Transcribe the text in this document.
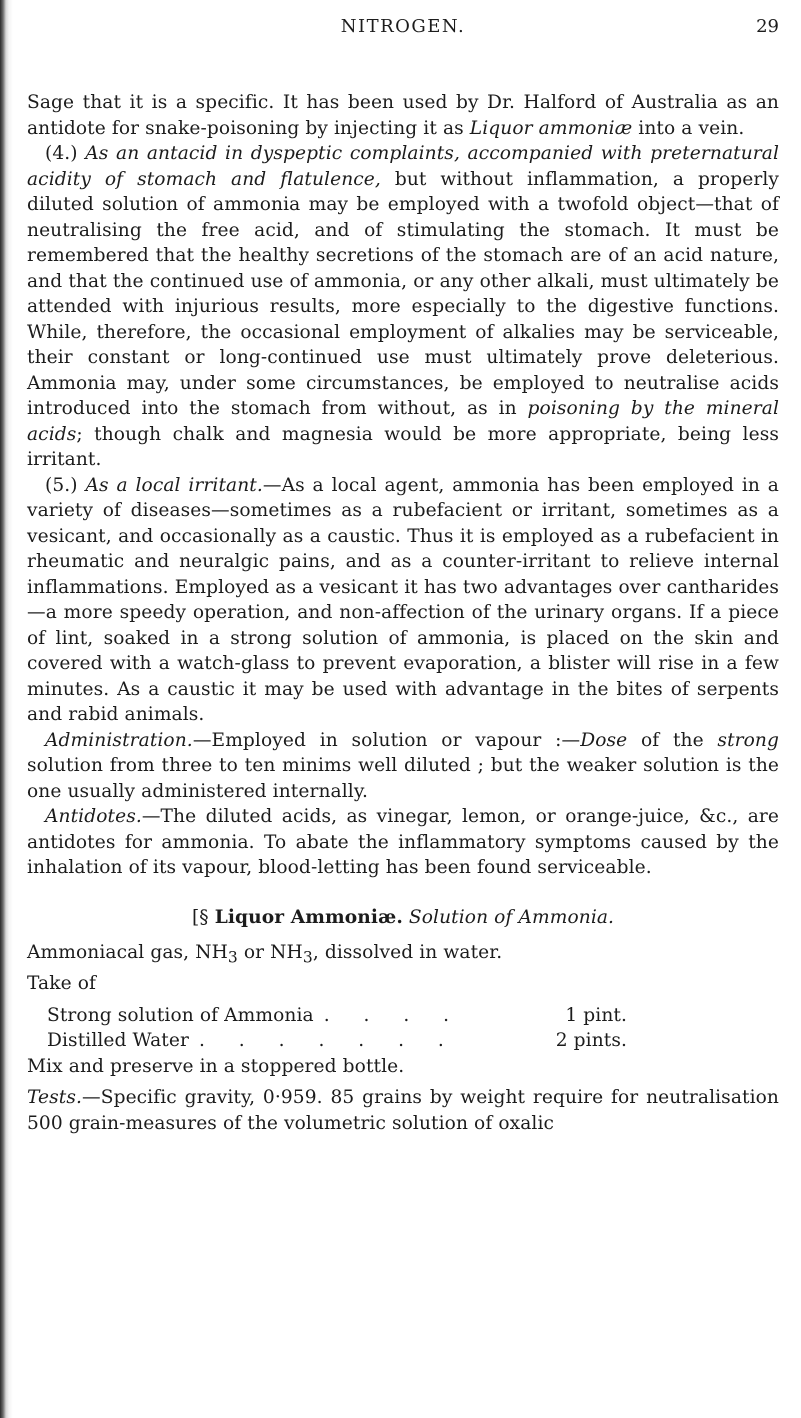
NITROGEN.	29

Sage that it is a specific. It has been used by Dr. Halford of Australia as an antidote for snake-poisoning by injecting it as Liquor ammoniæ into a vein.

(4.) As an antacid in dyspeptic complaints, accompanied with preternatural acidity of stomach and flatulence, but without inflammation, a properly diluted solution of ammonia may be employed with a twofold object—that of neutralising the free acid, and of stimulating the stomach. It must be remembered that the healthy secretions of the stomach are of an acid nature, and that the continued use of ammonia, or any other alkali, must ultimately be attended with injurious results, more especially to the digestive functions. While, therefore, the occasional employment of alkalies may be serviceable, their constant or long-continued use must ultimately prove deleterious. Ammonia may, under some circumstances, be employed to neutralise acids introduced into the stomach from without, as in poisoning by the mineral acids; though chalk and magnesia would be more appropriate, being less irritant.

(5.) As a local irritant.—As a local agent, ammonia has been employed in a variety of diseases—sometimes as a rubefacient or irritant, sometimes as a vesicant, and occasionally as a caustic. Thus it is employed as a rubefacient in rheumatic and neuralgic pains, and as a counter-irritant to relieve internal inflammations. Employed as a vesicant it has two advantages over cantharides—a more speedy operation, and non-affection of the urinary organs. If a piece of lint, soaked in a strong solution of ammonia, is placed on the skin and covered with a watch-glass to prevent evaporation, a blister will rise in a few minutes. As a caustic it may be used with advantage in the bites of serpents and rabid animals.

Administration.—Employed in solution or vapour :—Dose of the strong solution from three to ten minims well diluted ; but the weaker solution is the one usually administered internally.

Antidotes.—The diluted acids, as vinegar, lemon, or orange-juice, &c., are antidotes for ammonia. To abate the inflammatory symptoms caused by the inhalation of its vapour, blood-letting has been found serviceable.

[§ Liquor Ammoniæ. Solution of Ammonia.

Ammoniacal gas, $NH_3$ or $NH_3$, dissolved in water.

Take of

Strong solution of Ammonia . . . .	1 pint.
Distilled Water . . . . . . .	2 pints.

Mix and preserve in a stoppered bottle.

Tests.—Specific gravity, 0·959. 85 grains by weight require for neutralisation 500 grain-measures of the volumetric solution of oxalic
